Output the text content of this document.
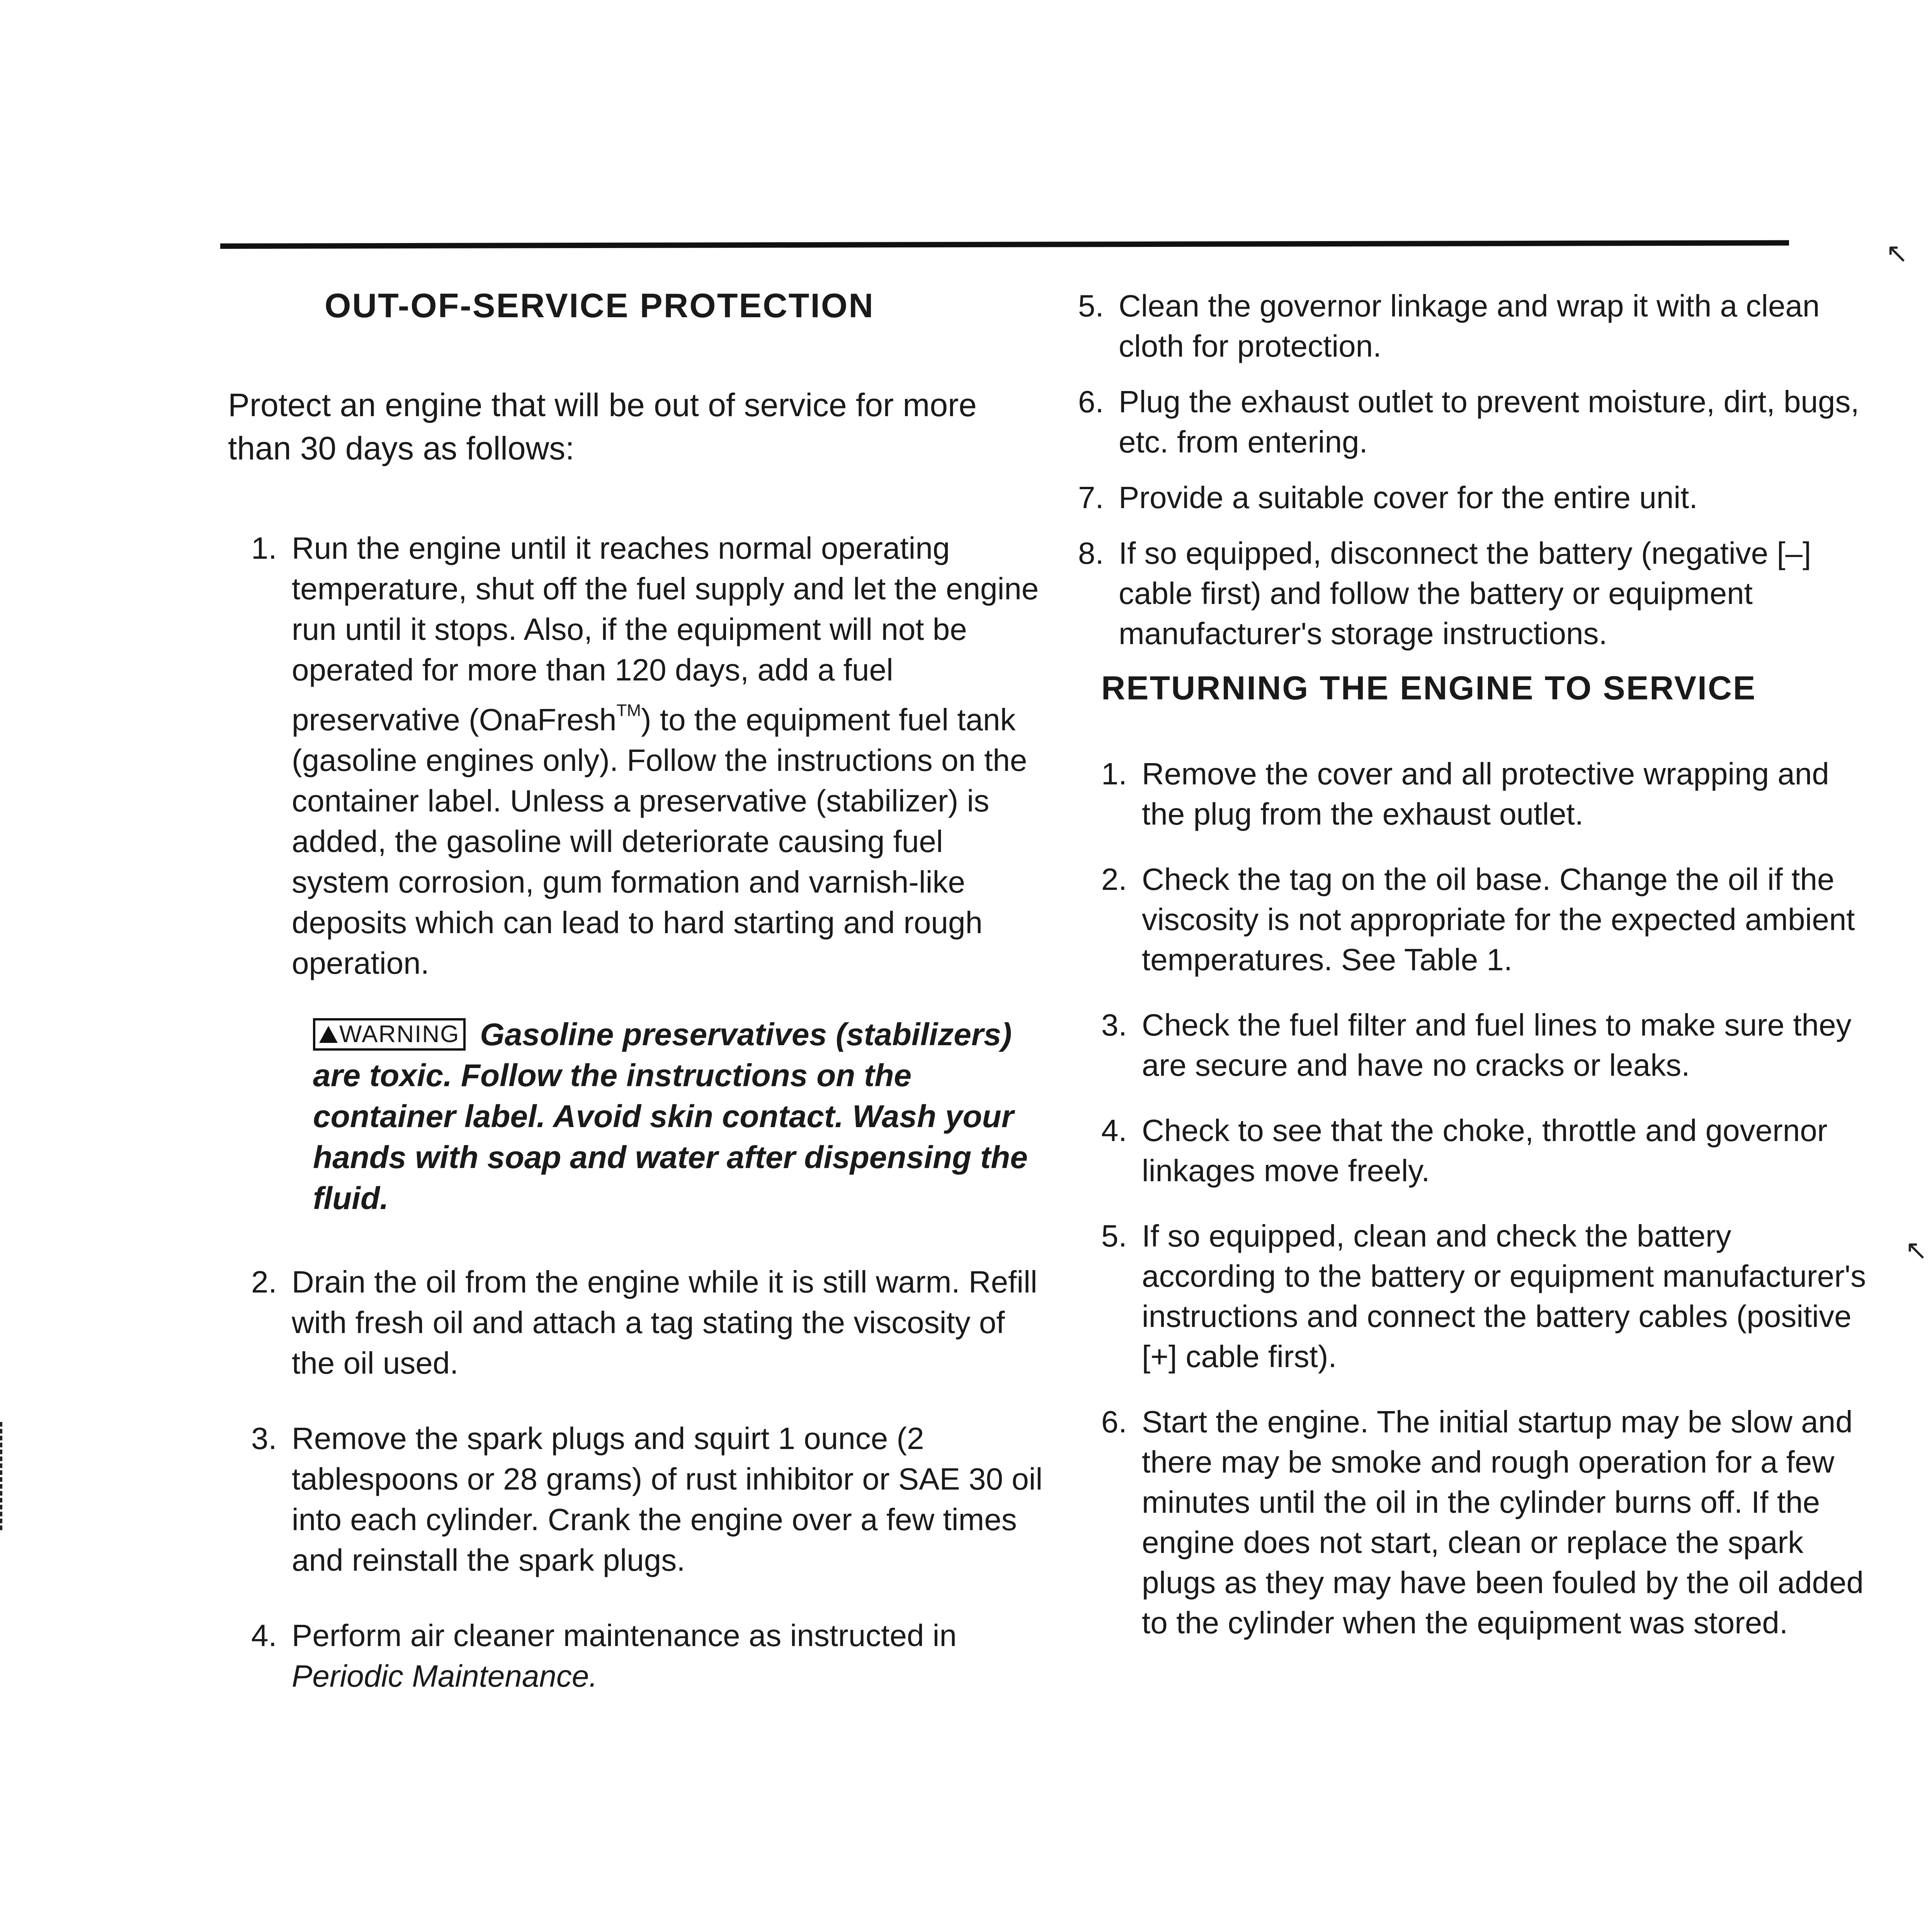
↖
↖
OUT-OF-SERVICE PROTECTION

Protect an engine that will be out of service for more than 30 days as follows:

1. Run the engine until it reaches normal operating temperature, shut off the fuel supply and let the engine run until it stops. Also, if the equipment will not be operated for more than 120 days, add a fuel preservative (OnaFresh™) to the equipment fuel tank (gasoline engines only). Follow the instructions on the container label. Unless a preservative (stabilizer) is added, the gasoline will deteriorate causing fuel system corrosion, gum formation and varnish-like deposits which can lead to hard starting and rough operation.
WARNING Gasoline preservatives (stabilizers) are toxic. Follow the instructions on the container label. Avoid skin contact. Wash your hands with soap and water after dispensing the fluid.
2. Drain the oil from the engine while it is still warm. Refill with fresh oil and attach a tag stating the viscosity of the oil used.
3. Remove the spark plugs and squirt 1 ounce (2 tablespoons or 28 grams) of rust inhibitor or SAE 30 oil into each cylinder. Crank the engine over a few times and reinstall the spark plugs.
4. Perform air cleaner maintenance as instructed in Periodic Maintenance.
5. Clean the governor linkage and wrap it with a clean cloth for protection.
6. Plug the exhaust outlet to prevent moisture, dirt, bugs, etc. from entering.
7. Provide a suitable cover for the entire unit.
8. If so equipped, disconnect the battery (negative [–] cable first) and follow the battery or equipment manufacturer's storage instructions.
RETURNING THE ENGINE TO SERVICE
1. Remove the cover and all protective wrapping and the plug from the exhaust outlet.
2. Check the tag on the oil base. Change the oil if the viscosity is not appropriate for the expected ambient temperatures. See Table 1.
3. Check the fuel filter and fuel lines to make sure they are secure and have no cracks or leaks.
4. Check to see that the choke, throttle and governor linkages move freely.
5. If so equipped, clean and check the battery according to the battery or equipment manufacturer's instructions and connect the battery cables (positive [+] cable first).
6. Start the engine. The initial startup may be slow and there may be smoke and rough operation for a few minutes until the oil in the cylinder burns off. If the engine does not start, clean or replace the spark plugs as they may have been fouled by the oil added to the cylinder when the equipment was stored.
